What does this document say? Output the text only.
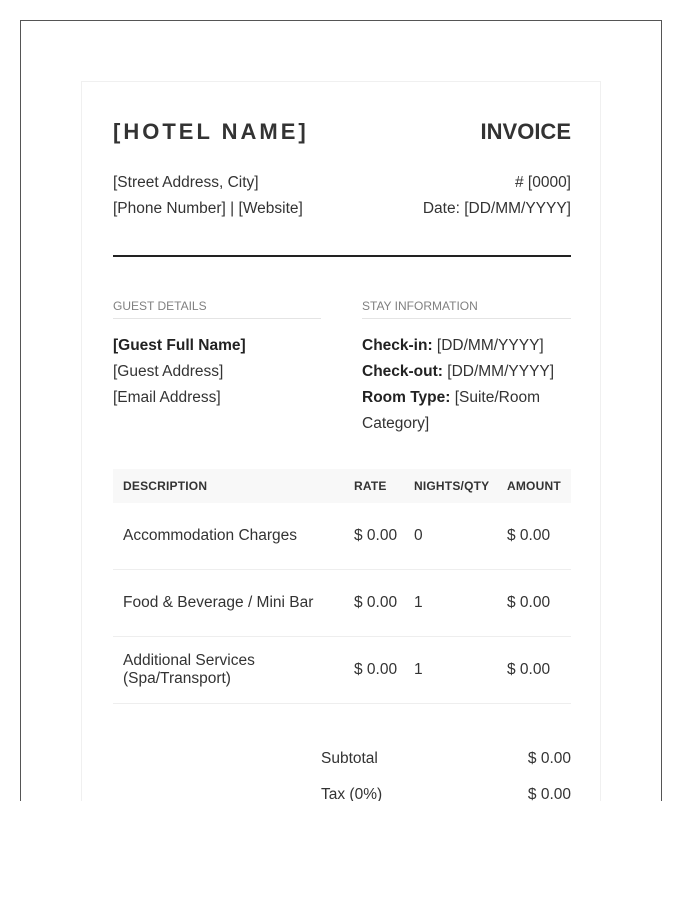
[HOTEL NAME]	INVOICE
[Street Address, City]
[Phone Number] | [Website]
# [0000]
Date: [DD/MM/YYYY]
GUEST DETAILS
[Guest Full Name]
[Guest Address]
[Email Address]
STAY INFORMATION
Check-in: [DD/MM/YYYY]
Check-out: [DD/MM/YYYY]
Room Type: [Suite/Room Category]
DESCRIPTION	RATE	NIGHTS/QTY	AMOUNT
Accommodation Charges	$ 0.00	0	$ 0.00
Food & Beverage / Mini Bar	$ 0.00	1	$ 0.00
Additional Services (Spa/Transport)	$ 0.00	1	$ 0.00
Subtotal	$ 0.00
Tax (0%)	$ 0.00
